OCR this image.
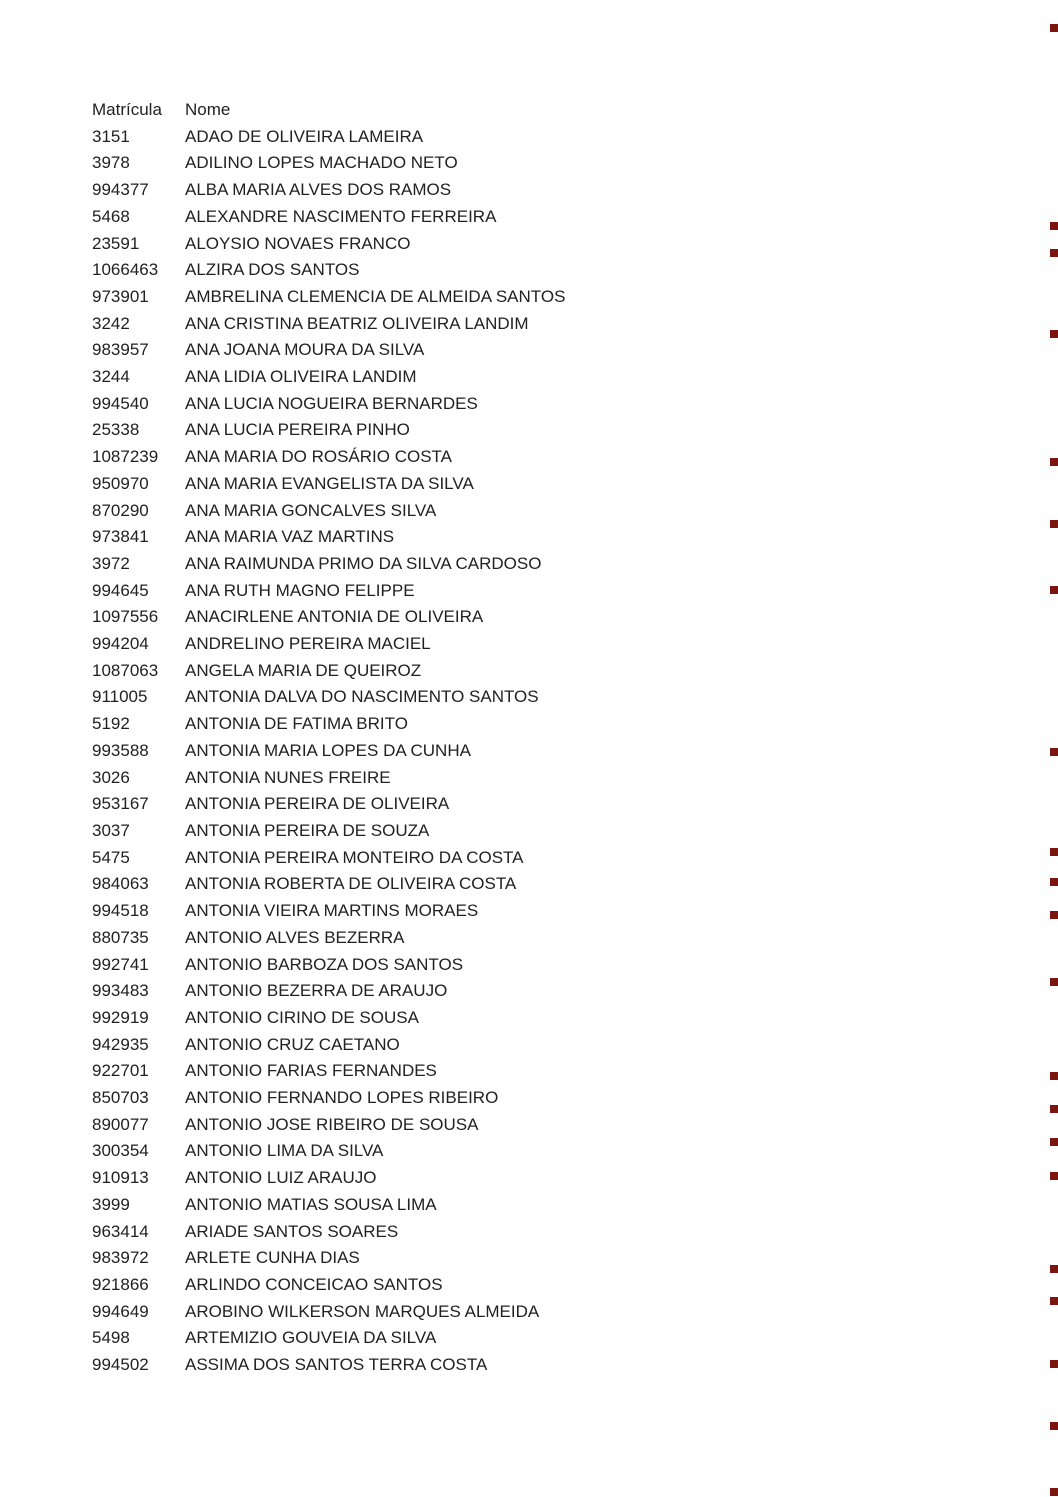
Matrícula	Nome
3151	ADAO DE OLIVEIRA LAMEIRA
3978	ADILINO LOPES MACHADO NETO
994377	ALBA MARIA ALVES DOS RAMOS
5468	ALEXANDRE NASCIMENTO FERREIRA
23591	ALOYSIO NOVAES FRANCO
1066463	ALZIRA DOS SANTOS
973901	AMBRELINA CLEMENCIA DE ALMEIDA SANTOS
3242	ANA CRISTINA BEATRIZ OLIVEIRA LANDIM
983957	ANA JOANA MOURA DA SILVA
3244	ANA LIDIA OLIVEIRA LANDIM
994540	ANA LUCIA NOGUEIRA BERNARDES
25338	ANA LUCIA PEREIRA PINHO
1087239	ANA MARIA DO ROSÁRIO COSTA
950970	ANA MARIA EVANGELISTA DA SILVA
870290	ANA MARIA GONCALVES SILVA
973841	ANA MARIA VAZ MARTINS
3972	ANA RAIMUNDA PRIMO DA SILVA CARDOSO
994645	ANA RUTH MAGNO FELIPPE
1097556	ANACIRLENE ANTONIA DE OLIVEIRA
994204	ANDRELINO PEREIRA MACIEL
1087063	ANGELA MARIA DE QUEIROZ
911005	ANTONIA DALVA DO NASCIMENTO SANTOS
5192	ANTONIA DE FATIMA BRITO
993588	ANTONIA MARIA LOPES DA CUNHA
3026	ANTONIA NUNES FREIRE
953167	ANTONIA PEREIRA DE OLIVEIRA
3037	ANTONIA PEREIRA DE SOUZA
5475	ANTONIA PEREIRA MONTEIRO DA COSTA
984063	ANTONIA ROBERTA DE OLIVEIRA COSTA
994518	ANTONIA VIEIRA MARTINS MORAES
880735	ANTONIO ALVES BEZERRA
992741	ANTONIO BARBOZA DOS SANTOS
993483	ANTONIO BEZERRA DE ARAUJO
992919	ANTONIO CIRINO DE SOUSA
942935	ANTONIO CRUZ CAETANO
922701	ANTONIO FARIAS FERNANDES
850703	ANTONIO FERNANDO LOPES RIBEIRO
890077	ANTONIO JOSE RIBEIRO DE SOUSA
300354	ANTONIO LIMA DA SILVA
910913	ANTONIO LUIZ ARAUJO
3999	ANTONIO MATIAS SOUSA LIMA
963414	ARIADE SANTOS SOARES
983972	ARLETE CUNHA DIAS
921866	ARLINDO CONCEICAO SANTOS
994649	AROBINO WILKERSON MARQUES ALMEIDA
5498	ARTEMIZIO GOUVEIA DA SILVA
994502	ASSIMA DOS SANTOS TERRA COSTA
